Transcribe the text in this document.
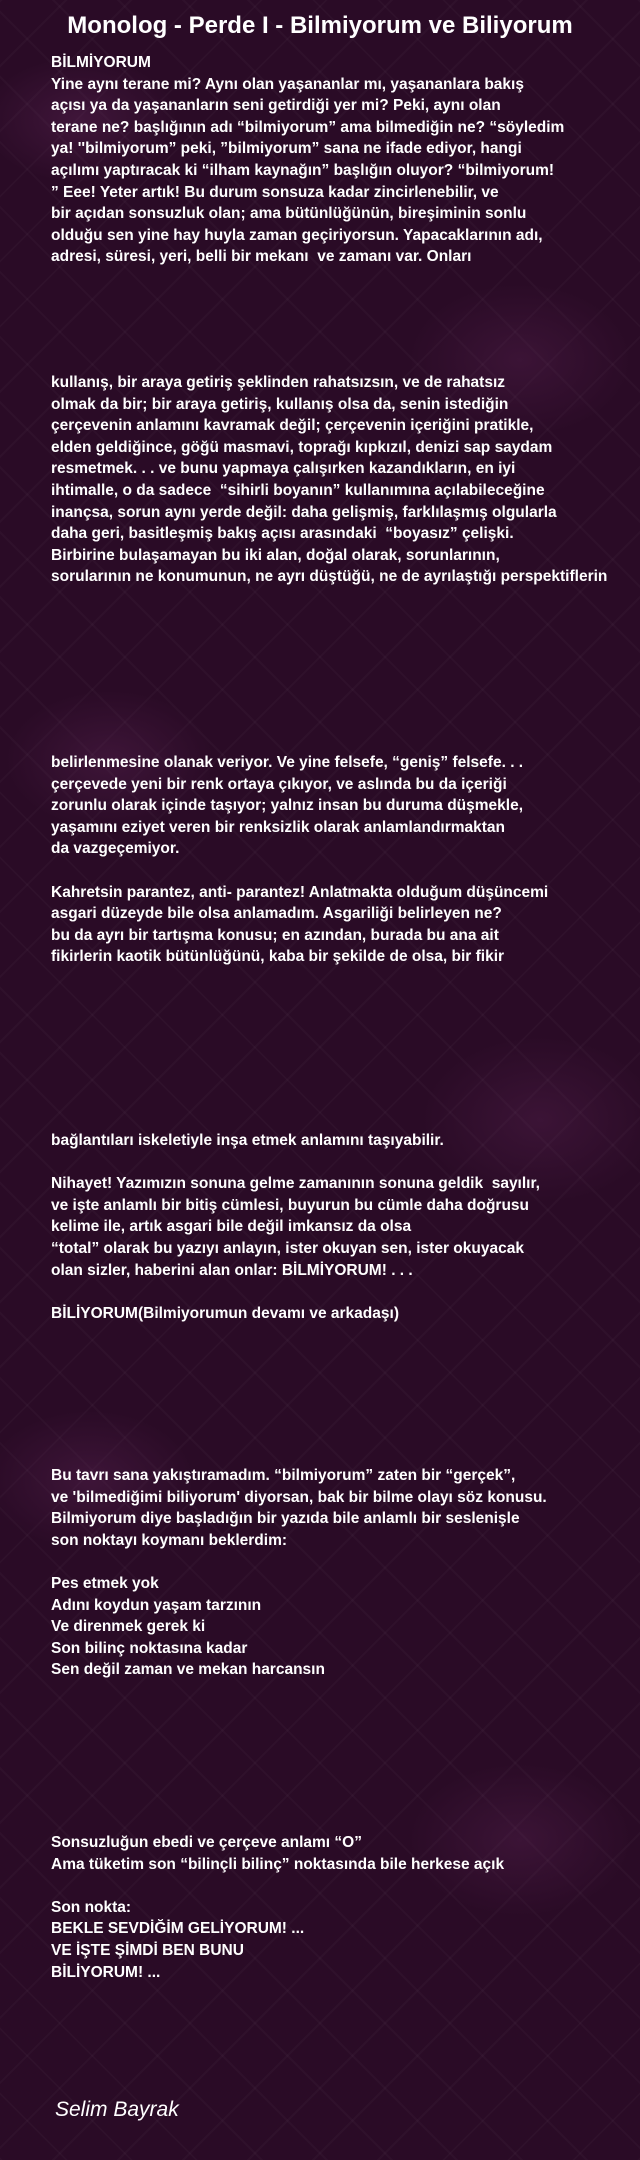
Monolog - Perde I - Bilmiyorum ve Biliyorum
BİLMİYORUM
Yine aynı terane mi? Aynı olan yaşananlar mı, yaşananlara bakış
açısı ya da yaşananların seni getirdiği yer mi? Peki, aynı olan
terane ne? başlığının adı “bilmiyorum” ama bilmediğin ne? “söyledim
ya! ''bilmiyorum” peki, ”bilmiyorum” sana ne ifade ediyor, hangi
açılımı yaptıracak ki “ilham kaynağın” başlığın oluyor? “bilmiyorum!
” Eee! Yeter artık! Bu durum sonsuza kadar zincirlenebilir, ve
bir açıdan sonsuzluk olan; ama bütünlüğünün, bireşiminin sonlu
olduğu sen yine hay huyla zaman geçiriyorsun. Yapacaklarının adı,
adresi, süresi, yeri, belli bir mekanı  ve zamanı var. Onları
kullanış, bir araya getiriş şeklinden rahatsızsın, ve de rahatsız
olmak da bir; bir araya getiriş, kullanış olsa da, senin istediğin
çerçevenin anlamını kavramak değil; çerçevenin içeriğini pratikle,
elden geldiğince, göğü masmavi, toprağı kıpkızıl, denizi sap saydam
resmetmek. . . ve bunu yapmaya çalışırken kazandıkların, en iyi
ihtimalle, o da sadece  “sihirli boyanın” kullanımına açılabileceğine
inançsa, sorun aynı yerde değil: daha gelişmiş, farklılaşmış olgularla
daha geri, basitleşmiş bakış açısı arasındaki  “boyasız” çelişki.
Birbirine bulaşamayan bu iki alan, doğal olarak, sorunlarının,
sorularının ne konumunun, ne ayrı düştüğü, ne de ayrılaştığı perspektiflerin
belirlenmesine olanak veriyor. Ve yine felsefe, “geniş” felsefe. . .
çerçevede yeni bir renk ortaya çıkıyor, ve aslında bu da içeriği
zorunlu olarak içinde taşıyor; yalnız insan bu duruma düşmekle,
yaşamını eziyet veren bir renksizlik olarak anlamlandırmaktan
da vazgeçemiyor.
Kahretsin parantez, anti- parantez! Anlatmakta olduğum düşüncemi
asgari düzeyde bile olsa anlamadım. Asgariliği belirleyen ne?
bu da ayrı bir tartışma konusu; en azından, burada bu ana ait
fikirlerin kaotik bütünlüğünü, kaba bir şekilde de olsa, bir fikir
bağlantıları iskeletiyle inşa etmek anlamını taşıyabilir.
Nihayet! Yazımızın sonuna gelme zamanının sonuna geldik  sayılır,
ve işte anlamlı bir bitiş cümlesi, buyurun bu cümle daha doğrusu
kelime ile, artık asgari bile değil imkansız da olsa
“total” olarak bu yazıyı anlayın, ister okuyan sen, ister okuyacak
olan sizler, haberini alan onlar: BİLMİYORUM! . . .
BİLİYORUM(Bilmiyorumun devamı ve arkadaşı)
Bu tavrı sana yakıştıramadım. “bilmiyorum” zaten bir “gerçek”,
ve 'bilmediğimi biliyorum' diyorsan, bak bir bilme olayı söz konusu.
Bilmiyorum diye başladığın bir yazıda bile anlamlı bir seslenişle
son noktayı koymanı beklerdim:
Pes etmek yok
Adını koydun yaşam tarzının
Ve direnmek gerek ki
Son bilinç noktasına kadar
Sen değil zaman ve mekan harcansın
Sonsuzluğun ebedi ve çerçeve anlamı “O”
Ama tüketim son “bilinçli bilinç” noktasında bile herkese açık
Son nokta:
BEKLE SEVDİĞİM GELİYORUM! ...
VE İŞTE ŞİMDİ BEN BUNU
BİLİYORUM! ...
Selim Bayrak
